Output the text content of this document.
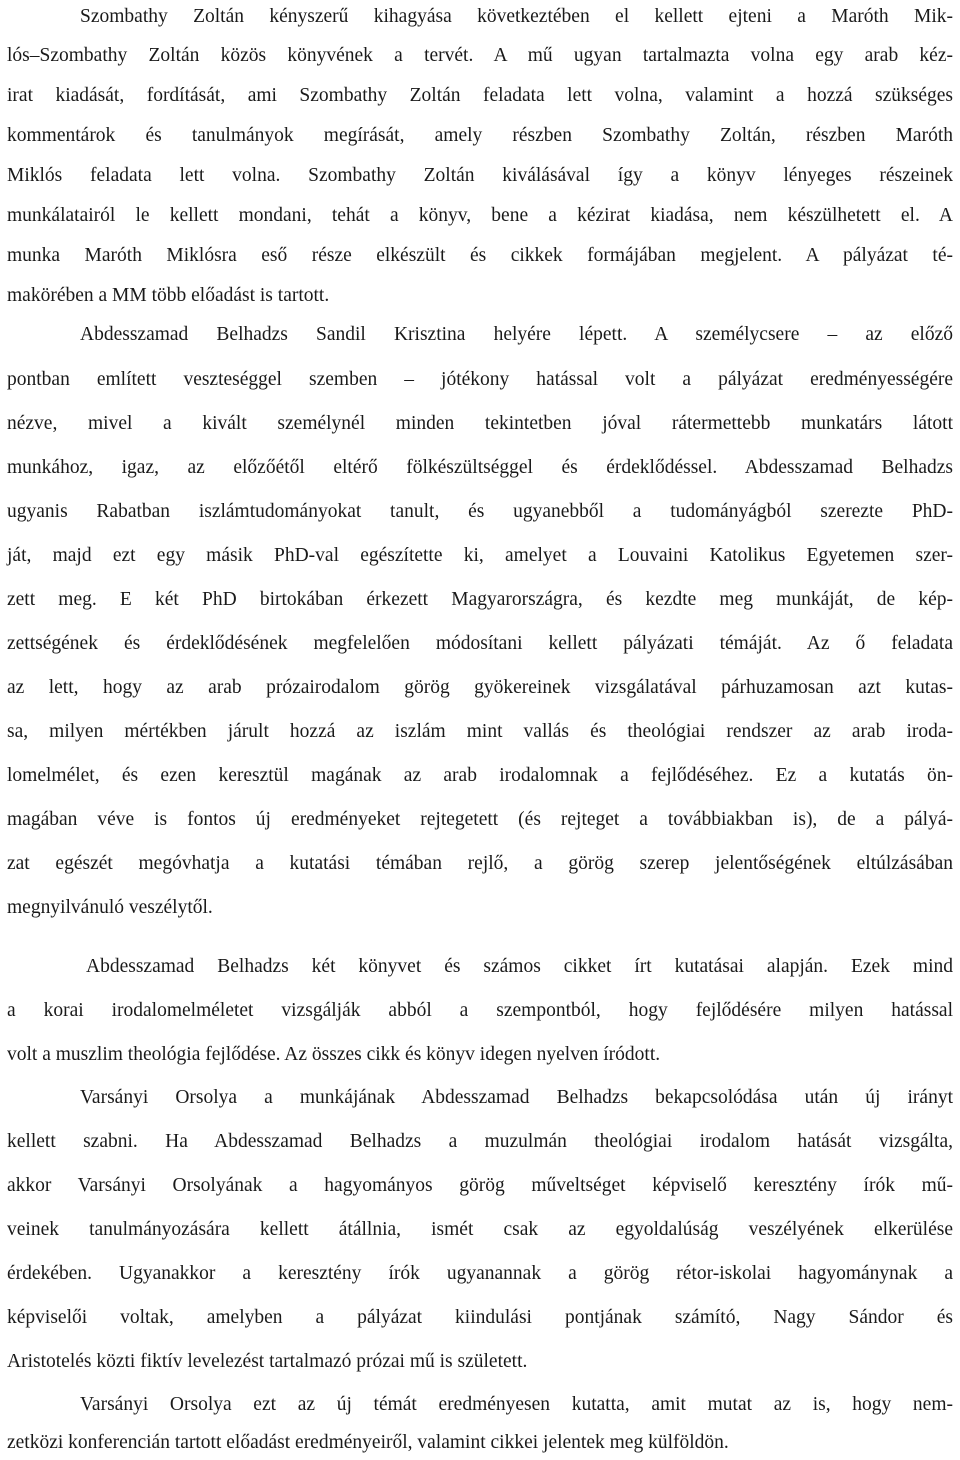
Szombathy Zoltán kényszerű kihagyása következtében el kellett ejteni a Maróth Mik-
lós–Szombathy Zoltán közös könyvének a tervét. A mű ugyan tartalmazta volna egy arab kéz-
irat kiadását, fordítását, ami Szombathy Zoltán feladata lett volna, valamint a hozzá szükséges
kommentárok és tanulmányok megírását, amely részben Szombathy Zoltán, részben Maróth
Miklós feladata lett volna. Szombathy Zoltán kiválásával így a könyv lényeges részeinek
munkálatairól le kellett mondani, tehát a könyv, bene a kézirat kiadása, nem készülhetett el. A
munka Maróth Miklósra eső része elkészült és cikkek formájában megjelent. A pályázat té-
makörében a MM több előadást is tartott.
Abdesszamad Belhadzs Sandil Krisztina helyére lépett. A személycsere – az előző
pontban említett veszteséggel szemben – jótékony hatással volt a pályázat eredményességére
nézve, mivel a kivált személynél minden tekintetben jóval rátermettebb munkatárs látott
munkához, igaz, az előzőétől eltérő fölkészültséggel és érdeklődéssel. Abdesszamad Belhadzs
ugyanis Rabatban iszlámtudományokat tanult, és ugyanebből a tudományágból szerezte PhD-
ját, majd ezt egy másik PhD-val egészítette ki, amelyet a Louvaini Katolikus Egyetemen szer-
zett meg. E két PhD birtokában érkezett Magyarországra, és kezdte meg munkáját, de kép-
zettségének és érdeklődésének megfelelően módosítani kellett pályázati témáját. Az ő feladata
az lett, hogy az arab prózairodalom görög gyökereinek vizsgálatával párhuzamosan azt kutas-
sa, milyen mértékben járult hozzá az iszlám mint vallás és theológiai rendszer az arab iroda-
lomelmélet, és ezen keresztül magának az arab irodalomnak a fejlődéséhez. Ez a kutatás ön-
magában véve is fontos új eredményeket rejtegetett (és rejteget a továbbiakban is), de a pályá-
zat egészét megóvhatja a kutatási témában rejlő, a görög szerep jelentőségének eltúlzásában
megnyilvánuló veszélytől.
Abdesszamad Belhadzs két könyvet és számos cikket írt kutatásai alapján. Ezek mind
a korai irodalomelméletet vizsgálják abból a szempontból, hogy fejlődésére milyen hatással
volt a muszlim theológia fejlődése. Az összes cikk és könyv idegen nyelven íródott.
Varsányi Orsolya a munkájának Abdesszamad Belhadzs bekapcsolódása után új irányt
kellett szabni. Ha Abdesszamad Belhadzs a muzulmán theológiai irodalom hatását vizsgálta,
akkor Varsányi Orsolyának a hagyományos görög műveltséget képviselő keresztény írók mű-
veinek tanulmányozására kellett átállnia, ismét csak az egyoldalúság veszélyének elkerülése
érdekében. Ugyanakkor a keresztény írók ugyanannak a görög rétor-iskolai hagyománynak a
képviselői voltak, amelyben a pályázat kiindulási pontjának számító, Nagy Sándor és
Aristotelés közti fiktív levelezést tartalmazó prózai mű is született.
Varsányi Orsolya ezt az új témát eredményesen kutatta, amit mutat az is, hogy nem-
zetközi konferencián tartott előadást eredményeiről, valamint cikkei jelentek meg külföldön.
